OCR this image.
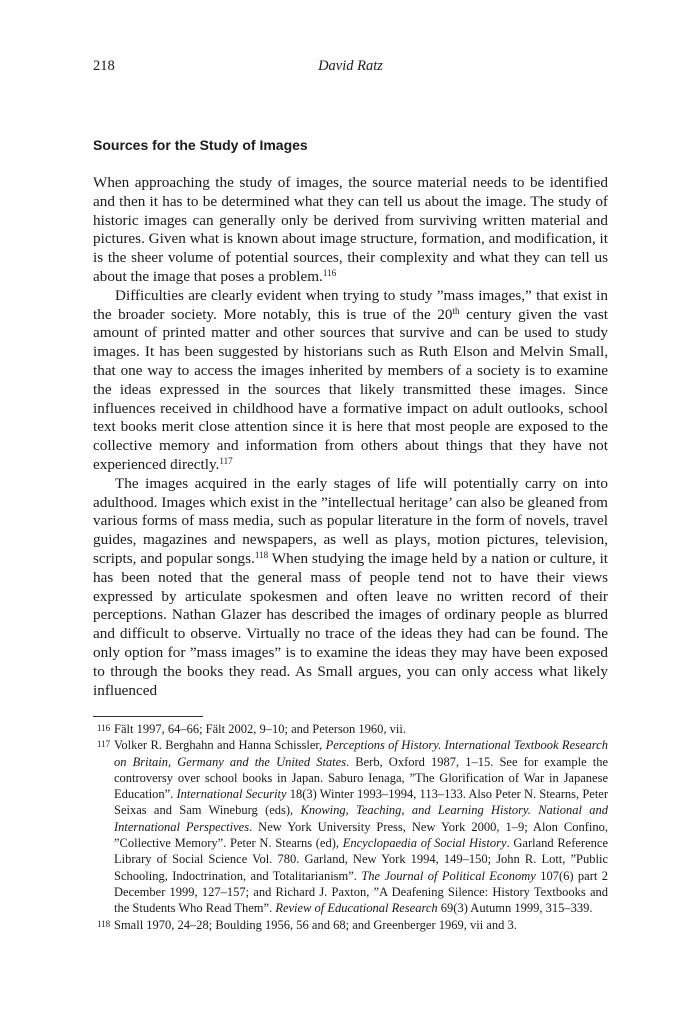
218	David Ratz
Sources for the Study of Images

When approaching the study of images, the source material needs to be identified and then it has to be determined what they can tell us about the image. The study of historic images can generally only be derived from surviving written material and pictures. Given what is known about image structure, formation, and modification, it is the sheer volume of potential sources, their complexity and what they can tell us about the image that poses a problem.$^{116}$

Difficulties are clearly evident when trying to study ”mass images,” that exist in the broader society. More notably, this is true of the 20th century given the vast amount of printed matter and other sources that survive and can be used to study images. It has been suggested by historians such as Ruth Elson and Melvin Small, that one way to access the images inherited by members of a society is to examine the ideas expressed in the sources that likely transmitted these images. Since influences received in childhood have a formative impact on adult outlooks, school text books merit close attention since it is here that most people are exposed to the collective memory and information from others about things that they have not experienced directly.$^{117}$

The images acquired in the early stages of life will potentially carry on into adulthood. Images which exist in the ”intellectual heritage’ can also be gleaned from various forms of mass media, such as popular literature in the form of novels, travel guides, magazines and newspapers, as well as plays, motion pictures, television, scripts, and popular songs.$^{118}$ When studying the image held by a nation or culture, it has been noted that the general mass of people tend not to have their views expressed by articulate spokesmen and often leave no written record of their perceptions. Nathan Glazer has described the images of ordinary people as blurred and difficult to observe. Virtually no trace of the ideas they had can be found. The only option for ”mass images” is to examine the ideas they may have been exposed to through the books they read. As Small argues, you can only access what likely influenced

116 Fält 1997, 64–66; Fält 2002, 9–10; and Peterson 1960, vii.

117 Volker R. Berghahn and Hanna Schissler, Perceptions of History. International Textbook Research on Britain, Germany and the United States. Berb, Oxford 1987, 1–15. See for example the controversy over school books in Japan. Saburo Ienaga, ”The Glorification of War in Japanese Education”. International Security 18(3) Winter 1993–1994, 113–133. Also Peter N. Stearns, Peter Seixas and Sam Wineburg (eds), Knowing, Teaching, and Learning History. National and International Perspectives. New York University Press, New York 2000, 1–9; Alon Confino, ”Collective Memory”. Peter N. Stearns (ed), Encyclopaedia of Social History. Garland Reference Library of Social Science Vol. 780. Garland, New York 1994, 149–150; John R. Lott, ”Public Schooling, Indoctrination, and Totalitarianism”. The Journal of Political Economy 107(6) part 2 December 1999, 127–157; and Richard J. Paxton, ”A Deafening Silence: History Textbooks and the Students Who Read Them”. Review of Educational Research 69(3) Autumn 1999, 315–339.

118 Small 1970, 24–28; Boulding 1956, 56 and 68; and Greenberger 1969, vii and 3.
